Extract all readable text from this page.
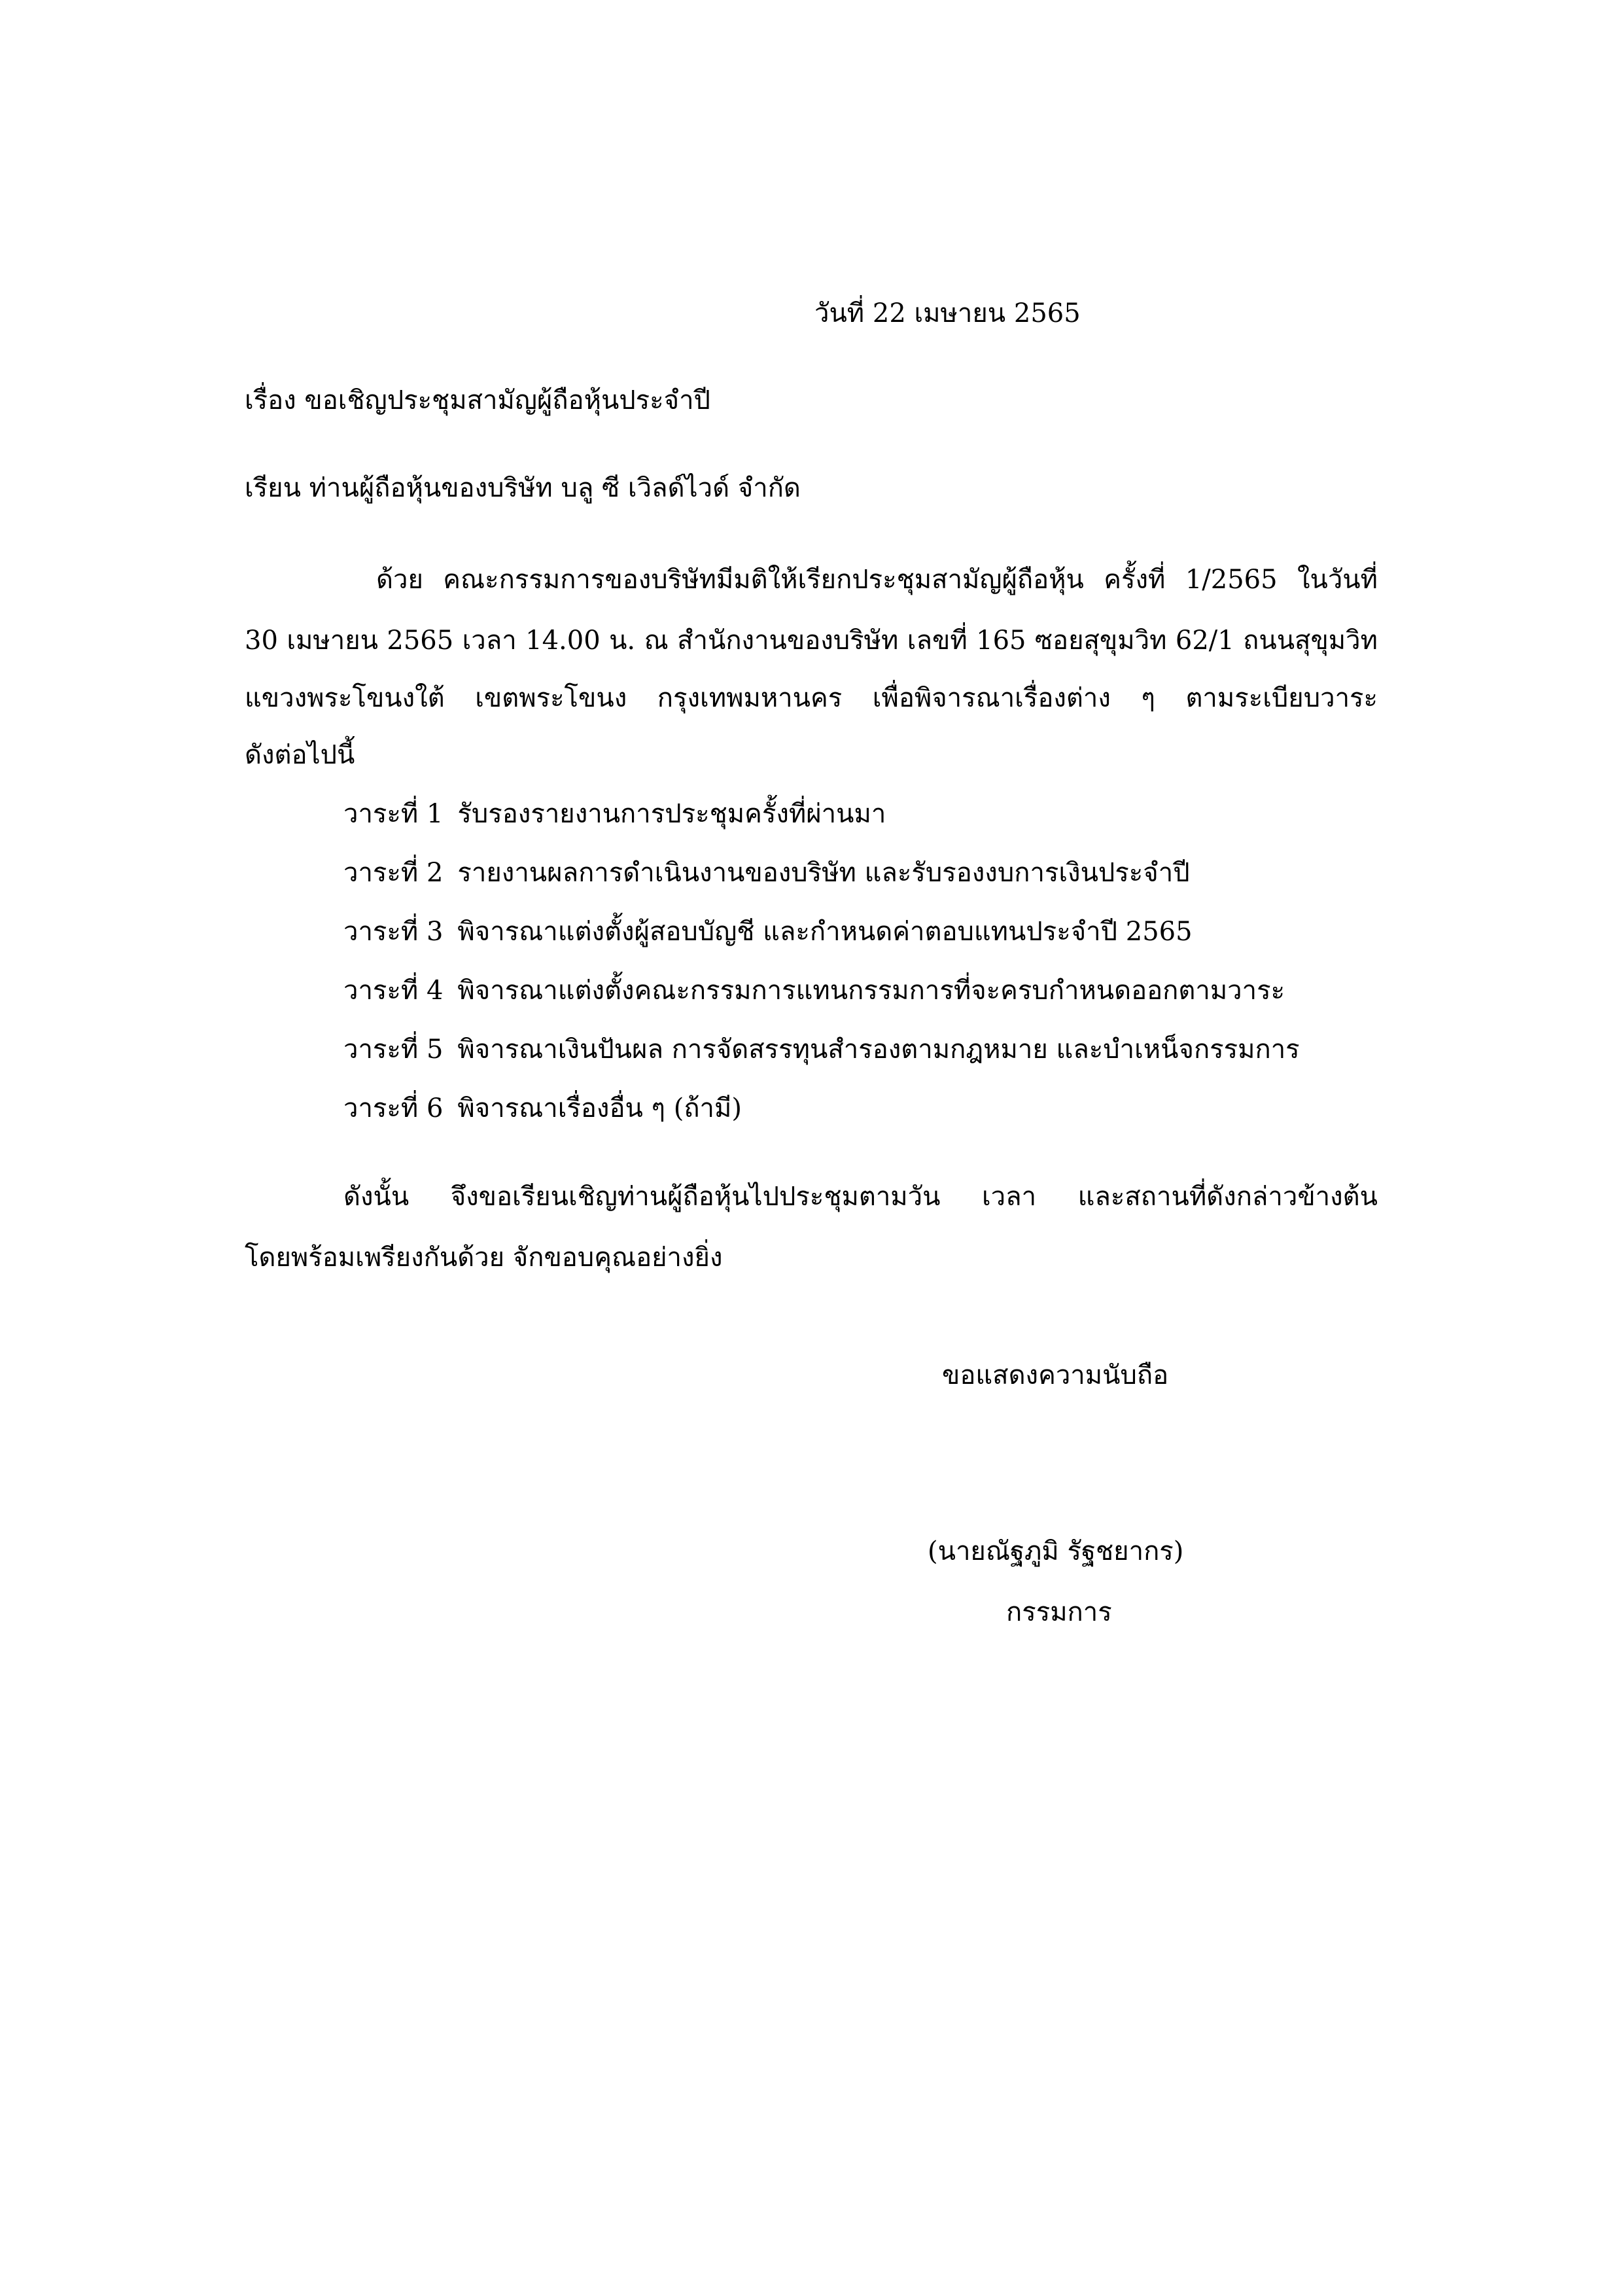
วันที่ 22 เมษายน 2565

เรื่อง ขอเชิญประชุมสามัญผู้ถือหุ้นประจำปี

เรียน ท่านผู้ถือหุ้นของบริษัท บลู ซี เวิลด์ไวด์ จำกัด

ด้วย คณะกรรมการของบริษัทมีมติให้เรียกประชุมสามัญผู้ถือหุ้น ครั้งที่ 1/2565 ในวันที่

30 เมษายน 2565 เวลา 14.00 น. ณ สำนักงานของบริษัท เลขที่ 165 ซอยสุขุมวิท 62/1 ถนนสุขุมวิท

แขวงพระโขนงใต้ เขตพระโขนง กรุงเทพมหานคร เพื่อพิจารณาเรื่องต่าง ๆ ตามระเบียบวาระ

ดังต่อไปนี้

วาระที่ 1 รับรองรายงานการประชุมครั้งที่ผ่านมา
วาระที่ 2 รายงานผลการดำเนินงานของบริษัท และรับรองงบการเงินประจำปี
วาระที่ 3 พิจารณาแต่งตั้งผู้สอบบัญชี และกำหนดค่าตอบแทนประจำปี 2565
วาระที่ 4 พิจารณาแต่งตั้งคณะกรรมการแทนกรรมการที่จะครบกำหนดออกตามวาระ
วาระที่ 5 พิจารณาเงินปันผล การจัดสรรทุนสำรองตามกฎหมาย และบำเหน็จกรรมการ
วาระที่ 6 พิจารณาเรื่องอื่น ๆ (ถ้ามี)

ดังนั้น จึงขอเรียนเชิญท่านผู้ถือหุ้นไปประชุมตามวัน เวลา และสถานที่ดังกล่าวข้างต้น

โดยพร้อมเพรียงกันด้วย จักขอบคุณอย่างยิ่ง

ขอแสดงความนับถือ

(นายณัฐภูมิ รัฐชยากร)

กรรมการ
